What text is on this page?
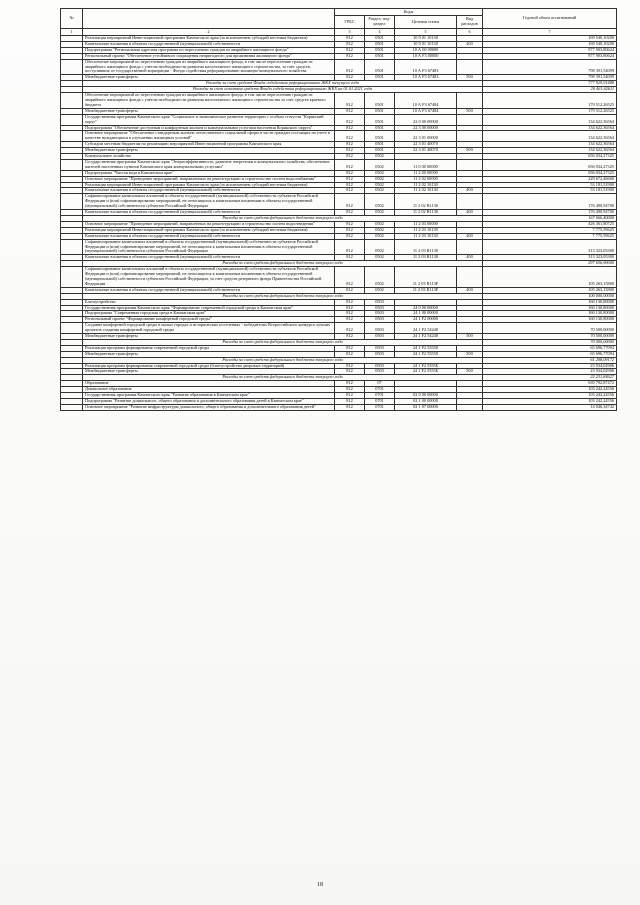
№		Коды				Годовой объем ассигнований
		ГРБС	Раздел, под-раздел	Целевая статья	Вид расходов	
1	2	3	4	5	6	7
	Реализация мероприятий Инвестиционной программы Камчатского края (за исключением субсидий местным бюджетам)	812	0501	10 9 01 10130		169 540,10200
	Капитальные вложения в объекты государственной (муниципальной) собственности	812	0501	10 9 01 10130	400	169 540,10200
	Подпрограмма "Региональная адресная программа по переселению граждан из аварийного жилищного фонда"	812	0501	10 А 00 00000		977 903,80624
	Региональный проект "Обеспечение устойчивого сокращения непригодного для проживания жилищного фонда"	812	0501	10 А F3 00000		977 903,80624
	Обеспечение мероприятий по переселению граждан из аварийного жилищного фонда, в том числе переселению граждан из аварийного жилищного фонда с учетом необходимости развития малоэтажного жилищного строительства, за счет средств, поступивших от государственной корпорации - Фонда содействия реформированию жилищно-коммунального хозяйства	812	0501	10 А F3 67483		798 391,54099
	Межбюджетные трансферты	812	0501	10 А F3 67483	500	798 391,54099
	Расходы за счет средств Фонда содействия реформированию ЖКХ текущего года					777 929,91488
	Расходы за счет остатков средств Фонда содействия реформированию ЖКХ на 01.01.2021 года					20 461,62611
	Обеспечение мероприятий по переселению граждан из аварийного жилищного фонда, в том числе переселению граждан из аварийного жилищного фонда с учетом необходимости развития малоэтажного жилищного строительства за счет средств краевого бюджета	812	0501	10 А F3 67484		179 512,26525
	Межбюджетные трансферты	812	0501	10 А F3 67484	500	179 512,26525
	Государственная программа Камчатского края "Социальное и экономическое развитие территории с особым статусом "Корякский округ"	812	0501	22 0 00 00000		134 622,36564
	Подпрограмма "Обеспечение доступным и комфортным жильем и коммунальными услугами населения Корякского округа"	812	0501	22 3 00 00000		134 622,36564
	Основное мероприятие "Обеспечение стандартным жильем отечественного социальной сферы в части граждан состоящих на учете в качестве нуждающихся в улучшении жилищных условий"	812	0501	22 3 01 00000		134 622,36564
	Субсидии местным бюджетам на реализацию мероприятий Инвестиционной программы Камчатского края	812	0501	22 3 01 40070		134 622,36564
	Межбюджетные трансферты	812	0501	22 3 01 40070	500	134 622,36564
	Коммунальное хозяйство	812	0502			656 034,27325
	Государственная программа Камчатского края "Энергоэффективность, развитие энергетики и коммунального хозяйства, обеспечение жителей населенных пунктов Камчатского края коммунальными услугами"	812	0502	11 0 00 00000		656 034,27325
	Подпрограмма "Чистая вода в Камчатском крае"	812	0502	11 2 00 00000		656 034,27325
	Основное мероприятие "Проведение мероприятий, направленных на реконструкцию и строительство систем водоснабжения"	812	0502	11 2 02 00000		229 672,46600
	Реализация мероприятий Инвестиционной программы Камчатского края (за исключением субсидий местным бюджетам)	812	0502	11 2 02 10130		53 181,51900
	Капитальные вложения в объекты государственной (муниципальной) собственности	812	0502	11 2 02 10130	400	53 181,51900
	Софинансирование капитальных вложений в объекты государственной (муниципальной) собственности субъектов Российской Федерации и (или) софинансирование мероприятий, не относящихся к капитальным вложениям в объекты государственной (муниципальной) собственности субъектов Российской Федерации	812	0502	11 2 02 R1130		176 490,94700
	Капитальные вложения в объекты государственной (муниципальной) собственности	812	0502	11 2 02 R1130	400	176 490,94700
	Расходы за счет средств федерального бюджета текущего года					167 666,40000
	Основное мероприятие "Проведение мероприятий, направленных на реконструкцию и строительство систем водоотведения"	812	0502	11 2 03 00000		426 361,80725
	Реализация мероприятий Инвестиционной программы Камчатского края (за исключением субсидий местным бюджетам)	812	0502	11 2 03 10130		7 775,59625
	Капитальные вложения в объекты государственной (муниципальной) собственности	812	0502	11 2 03 10130	400	7 775,59625
	Софинансирование капитальных вложений в объекты государственной (муниципальной) собственности субъектов Российской Федерации и (или) софинансирование мероприятий, не относящихся к капитальным вложениям в объекты государственной (муниципальной) собственности субъектов Российской Федерации	812	0502	11 2 03 R1130		313 323,05300
	Капитальные вложения в объекты государственной (муниципальной) собственности	812	0502	11 2 03 R1130	400	313 323,05300
	Расходы за счет средств федерального бюджета текущего года					297 656,90000
	Софинансирование капитальных вложений в объекты государственной (муниципальной) собственности субъектов Российской Федерации и (или) софинансирование мероприятий, не относящихся к капитальным вложениям в объекты государственной (муниципальной) собственности субъектов Российской Федерации, за счет средств резервного фонда Правительства Российской Федерации	812	0502	11 2 03 R113F		105 263,15800
	Капитальные вложения в объекты государственной (муниципальной) собственности	812	0502	11 2 03 R113F	400	105 263,15800
	Расходы за счет средств федерального бюджета текущего года					100 000,00000
	Благоустройство	812	0503			160 130,80000
	Государственная программа Камчатского края "Формирование современной городской среды в Камчатском крае"	812	0503	24 0 00 00000		160 130,80000
	Подпрограмма "Современная городская среда в Камчатском крае"	812	0503	24 1 00 00000		160 130,80000
	Региональный проект "Формирование комфортной городской среды"	812	0503	24 1 F2 00000		160 130,80000
	Создание комфортной городской среды в малых городах и исторических поселениях - победителях Всероссийского конкурса лучших проектов создания комфортной городской среды	812	0503	24 1 F2 54240		70 500,00000
	Межбюджетные трансферты	812	0503	24 1 F2 54240	500	70 500,00000
	Расходы за счет средств федерального бюджета текущего года					70 000,00000
	Реализация программ формирования современной городской среды	812	0503	24 1 F2 55550		65 696,77094
	Межбюджетные трансферты	812	0503	24 1 F2 55550	500	65 696,77094
	Расходы за счет средств федерального бюджета текущего года					61 208,09172
	Реализация программ формирования современной городской среды (благоустройство дворовых территорий)	812	0503	24 1 F2 5555Б		23 934,02906
	Межбюджетные трансферты	812	0503	24 1 F2 5555Б	500	23 934,02906
	Расходы за счет средств федерального бюджета текущего года					22 231,84627
	Образование	812	07			639 792,87472
	Дошкольное образование	812	0701			103 242,24556
	Государственная программа Камчатского края "Развитие образования в Камчатском крае"	812	0701	02 0 00 00000		103 242,24556
	Подпрограмма "Развитие дошкольного, общего образования и дополнительного образования детей в Камчатском крае"	812	0701	02 1 00 00000		103 242,24556
	Основное мероприятие "Развитие инфраструктуры дошкольного, общего образования и дополнительного образования детей"	812	0701	02 1 07 00000		14 046,34742
18
